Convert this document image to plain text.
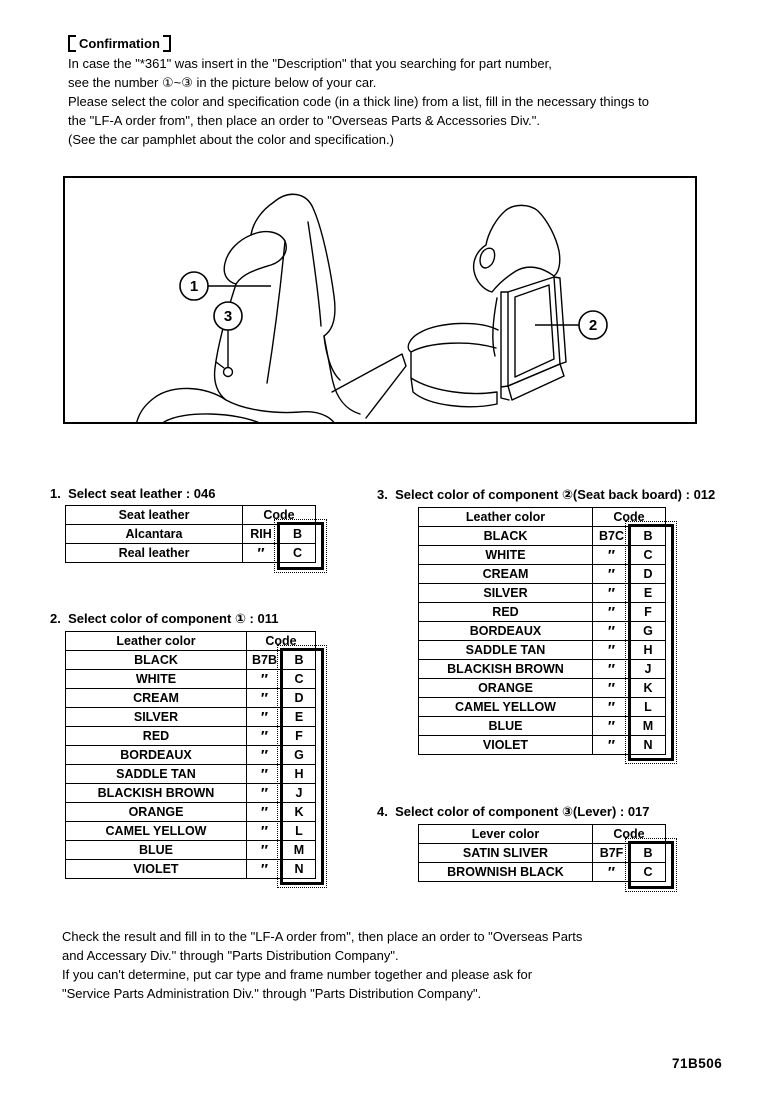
Confirmation
In case the "*361" was insert in the "Description" that you searching for part number,
see the number ①~③ in the picture below of your car.
Please select the color and specification code (in a thick line) from a list, fill in the necessary things to
the "LF-A order from", then place an order to "Overseas Parts & Accessories Div.".
(See the car pamphlet about the color and specification.)
1
3
2
1.  Select seat leather : 046
Seat leather	Code	
Alcantara	RIH	B
Real leather	″	C
2.  Select color of component ① : 011
Leather color	Code	
BLACK	B7B	B
WHITE	″	C
CREAM	″	D
SILVER	″	E
RED	″	F
BORDEAUX	″	G
SADDLE TAN	″	H
BLACKISH BROWN	″	J
ORANGE	″	K
CAMEL YELLOW	″	L
BLUE	″	M
VIOLET	″	N
3.  Select color of component ②(Seat back board) : 012
Leather color	Code	
BLACK	B7C	B
WHITE	″	C
CREAM	″	D
SILVER	″	E
RED	″	F
BORDEAUX	″	G
SADDLE TAN	″	H
BLACKISH BROWN	″	J
ORANGE	″	K
CAMEL YELLOW	″	L
BLUE	″	M
VIOLET	″	N
4.  Select color of component ③(Lever) : 017
Lever color	Code	
SATIN SLIVER	B7F	B
BROWNISH BLACK	″	C
Check the result and fill in to the "LF-A order from", then place an order to "Overseas Parts
and Accessary Div." through "Parts Distribution Company".
If you can't determine, put car type and frame number together and please ask for
"Service Parts Administration Div." through "Parts Distribution Company".
71B506
